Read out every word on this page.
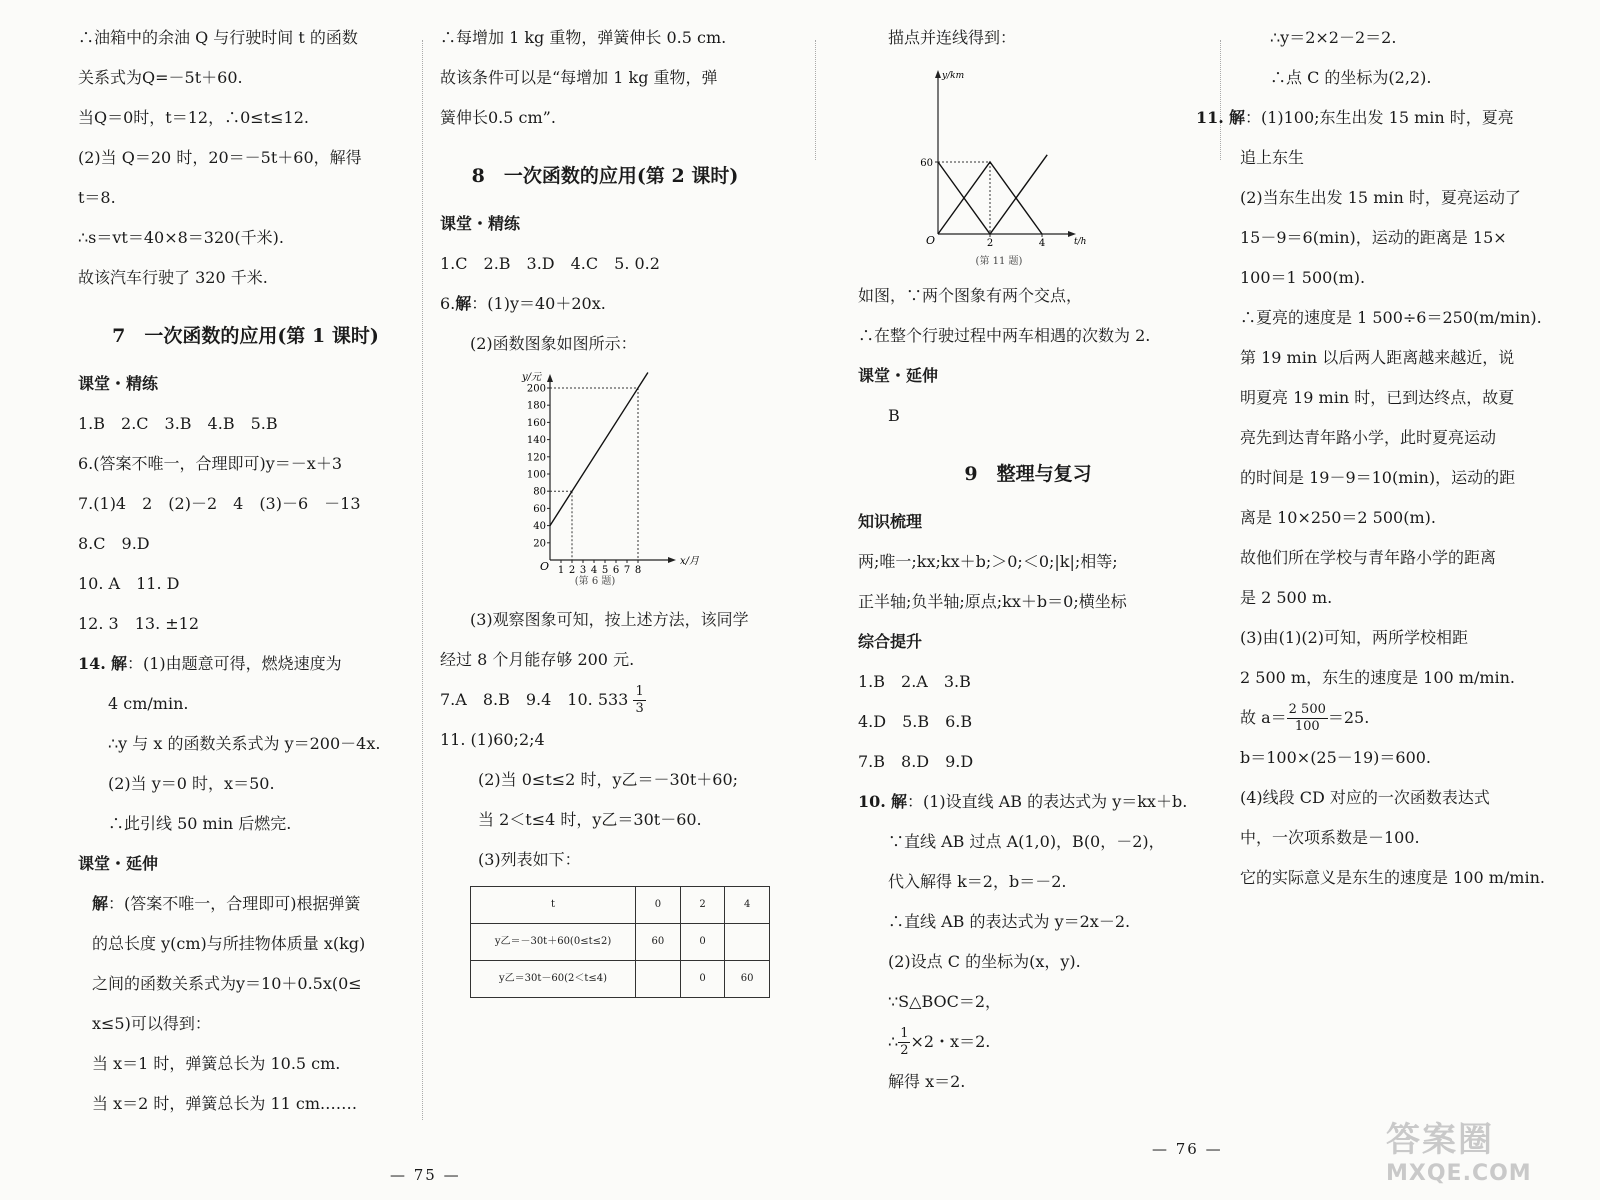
∴油箱中的余油 Q 与行驶时间 t 的函数
关系式为Q=－5t＋60.
当Q＝0时，t＝12，∴0≤t≤12.
(2)当 Q＝20 时，20＝－5t＋60，解得
t＝8.
∴s＝vt＝40×8＝320(千米).
故该汽车行驶了 320 千米.
7　一次函数的应用(第 1 课时)
课堂・精练
1.B　2.C　3.B　4.B　5.B
6.(答案不唯一，合理即可)y＝－x＋3
7.(1)4　2　(2)－2　4　(3)－6　－13
8.C　9.D
10. A　11. D
12. 3　13. ±12
14. 解：(1)由题意可得，燃烧速度为
4 cm/min.
∴y 与 x 的函数关系式为 y＝200－4x.
(2)当 y＝0 时，x＝50.
∴此引线 50 min 后燃完.
课堂・延伸
解：(答案不唯一，合理即可)根据弹簧
的总长度 y(cm)与所挂物体质量 x(kg)
之间的函数关系式为y＝10＋0.5x(0≤
x≤5)可以得到：
当 x＝1 时，弹簧总长为 10.5 cm.
当 x＝2 时，弹簧总长为 11 cm.……
∴每增加 1 kg 重物，弹簧伸长 0.5 cm.
故该条件可以是“每增加 1 kg 重物，弹
簧伸长0.5 cm”.
8　一次函数的应用(第 2 课时)
课堂・精练
1.C　2.B　3.D　4.C　5. 0.2
6.解：(1)y＝40＋20x.
(2)函数图象如图所示：
y/元
x/月
O
20
40
60
80
100
120
140
160
180
200
1 2 3 4 5 6 7 8
(第 6 题)
(3)观察图象可知，按上述方法，该同学
经过 8 个月能存够 200 元.
7.A　8.B　9.4　10. $533 \frac{1}{3}$
11. (1)60;2;4
(2)当 0≤t≤2 时，y乙＝－30t＋60;
当 2＜t≤4 时，y乙＝30t－60.
(3)列表如下：
t	0	2	4
y乙＝－30t＋60(0≤t≤2)	60	0	
y乙＝30t－60(2＜t≤4)		0	60
— 75 —
描点并连线得到：
y/km
t/h
O
60
2	4
(第 11 题)
如图，∵两个图象有两个交点，
∴在整个行驶过程中两车相遇的次数为 2.
课堂・延伸
B
9　整理与复习
知识梳理
两;唯一;kx;kx＋b;＞0;＜0;|k|;相等;
正半轴;负半轴;原点;kx＋b＝0;横坐标
综合提升
1.B　2.A　3.B
4.D　5.B　6.B
7.B　8.D　9.D
10. 解：(1)设直线 AB 的表达式为 y＝kx＋b.
∵直线 AB 过点 A(1,0)，B(0，－2)，
代入解得 k＝2，b＝－2.
∴直线 AB 的表达式为 y＝2x－2.
(2)设点 C 的坐标为(x，y).
∵S△BOC＝2，
∴ $\frac{1}{2} \times 2$・x＝2.
解得 x＝2.
— 76 —
∴y＝2×2－2＝2.
∴点 C 的坐标为(2,2).
11. 解：(1)100;东生出发 15 min 时，夏亮
追上东生
(2)当东生出发 15 min 时，夏亮运动了
15－9＝6(min)，运动的距离是 15×
100＝1 500(m).
∴夏亮的速度是 1 500÷6＝250(m/min).
第 19 min 以后两人距离越来越近，说
明夏亮 19 min 时，已到达终点，故夏
亮先到达青年路小学，此时夏亮运动
的时间是 19－9＝10(min)，运动的距
离是 10×250＝2 500(m).
故他们所在学校与青年路小学的距离
是 2 500 m.
(3)由(1)(2)可知，两所学校相距
2 500 m，东生的速度是 100 m/min.
故 $a= \frac{2 500}{100} =25$.
b＝100×(25－19)＝600.
(4)线段 CD 对应的一次函数表达式
中，一次项系数是－100.
它的实际意义是东生的速度是 100 m/min.
答案圈
MXQE.COM
